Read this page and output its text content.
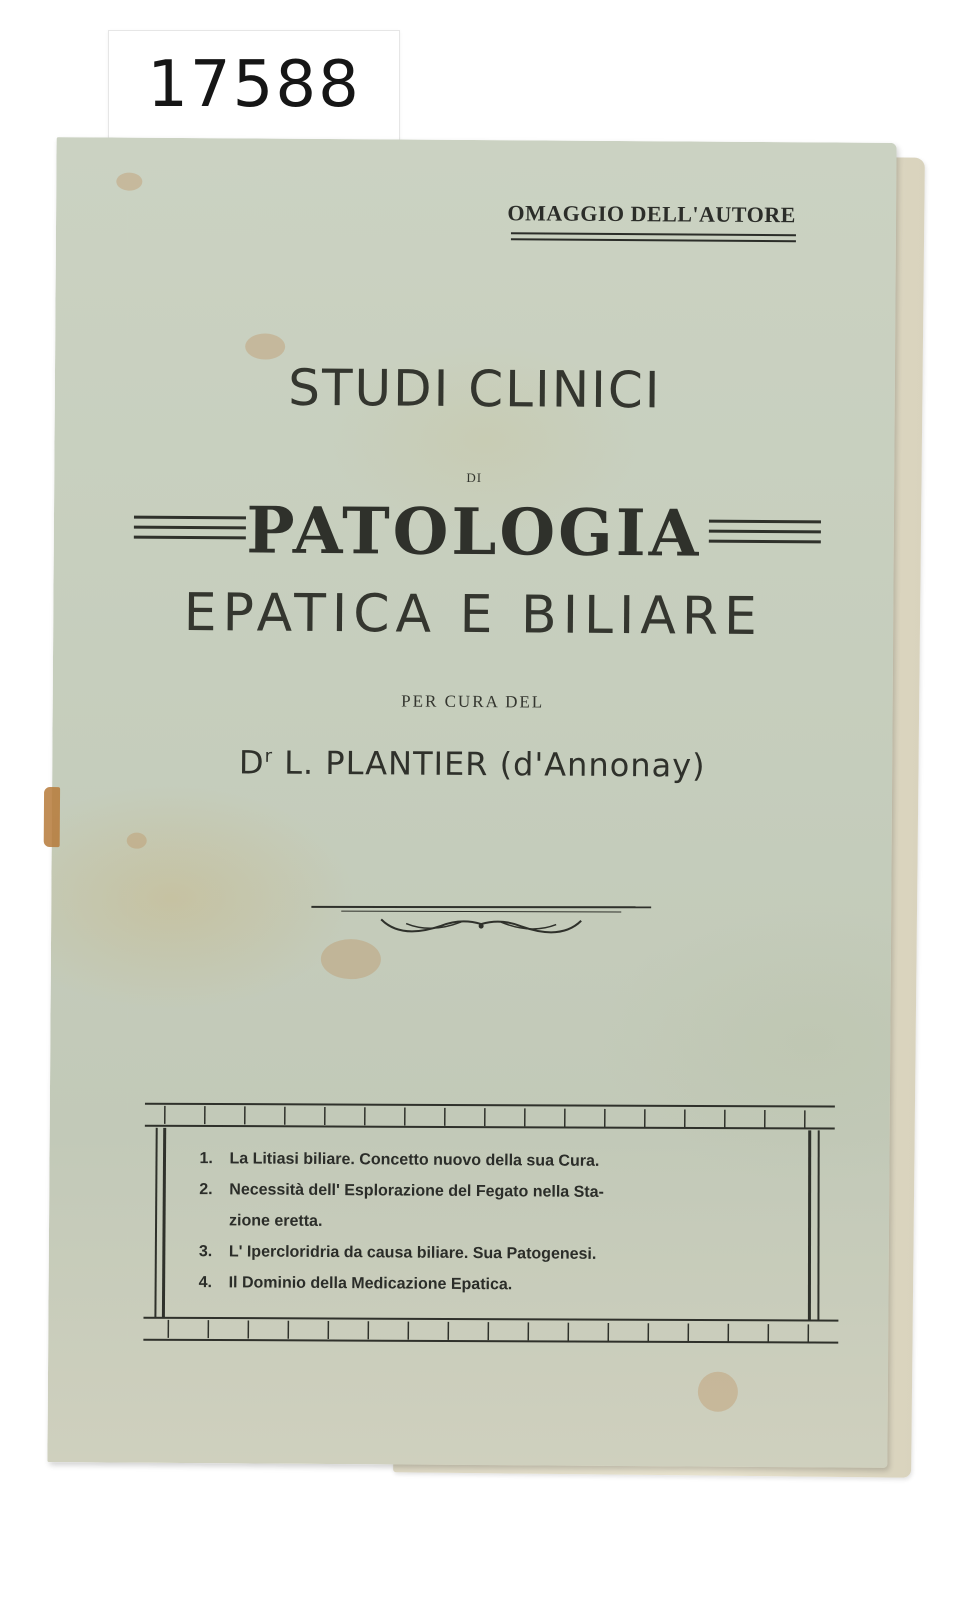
17588
OMAGGIO DELL'AUTORE
STUDI CLINICI
DI
PATOLOGIA
EPATICA E BILIARE
PER CURA DEL
$D^r$ L. PLANTIER (d'Annonay)
1. La Litiasi biliare. Concetto nuovo della sua Cura.
2. Necessità dell' Esplorazione del Fegato nella Sta-
zione eretta.
3. L' Ipercloridria da causa biliare. Sua Patogenesi.
4. Il Dominio della Medicazione Epatica.
